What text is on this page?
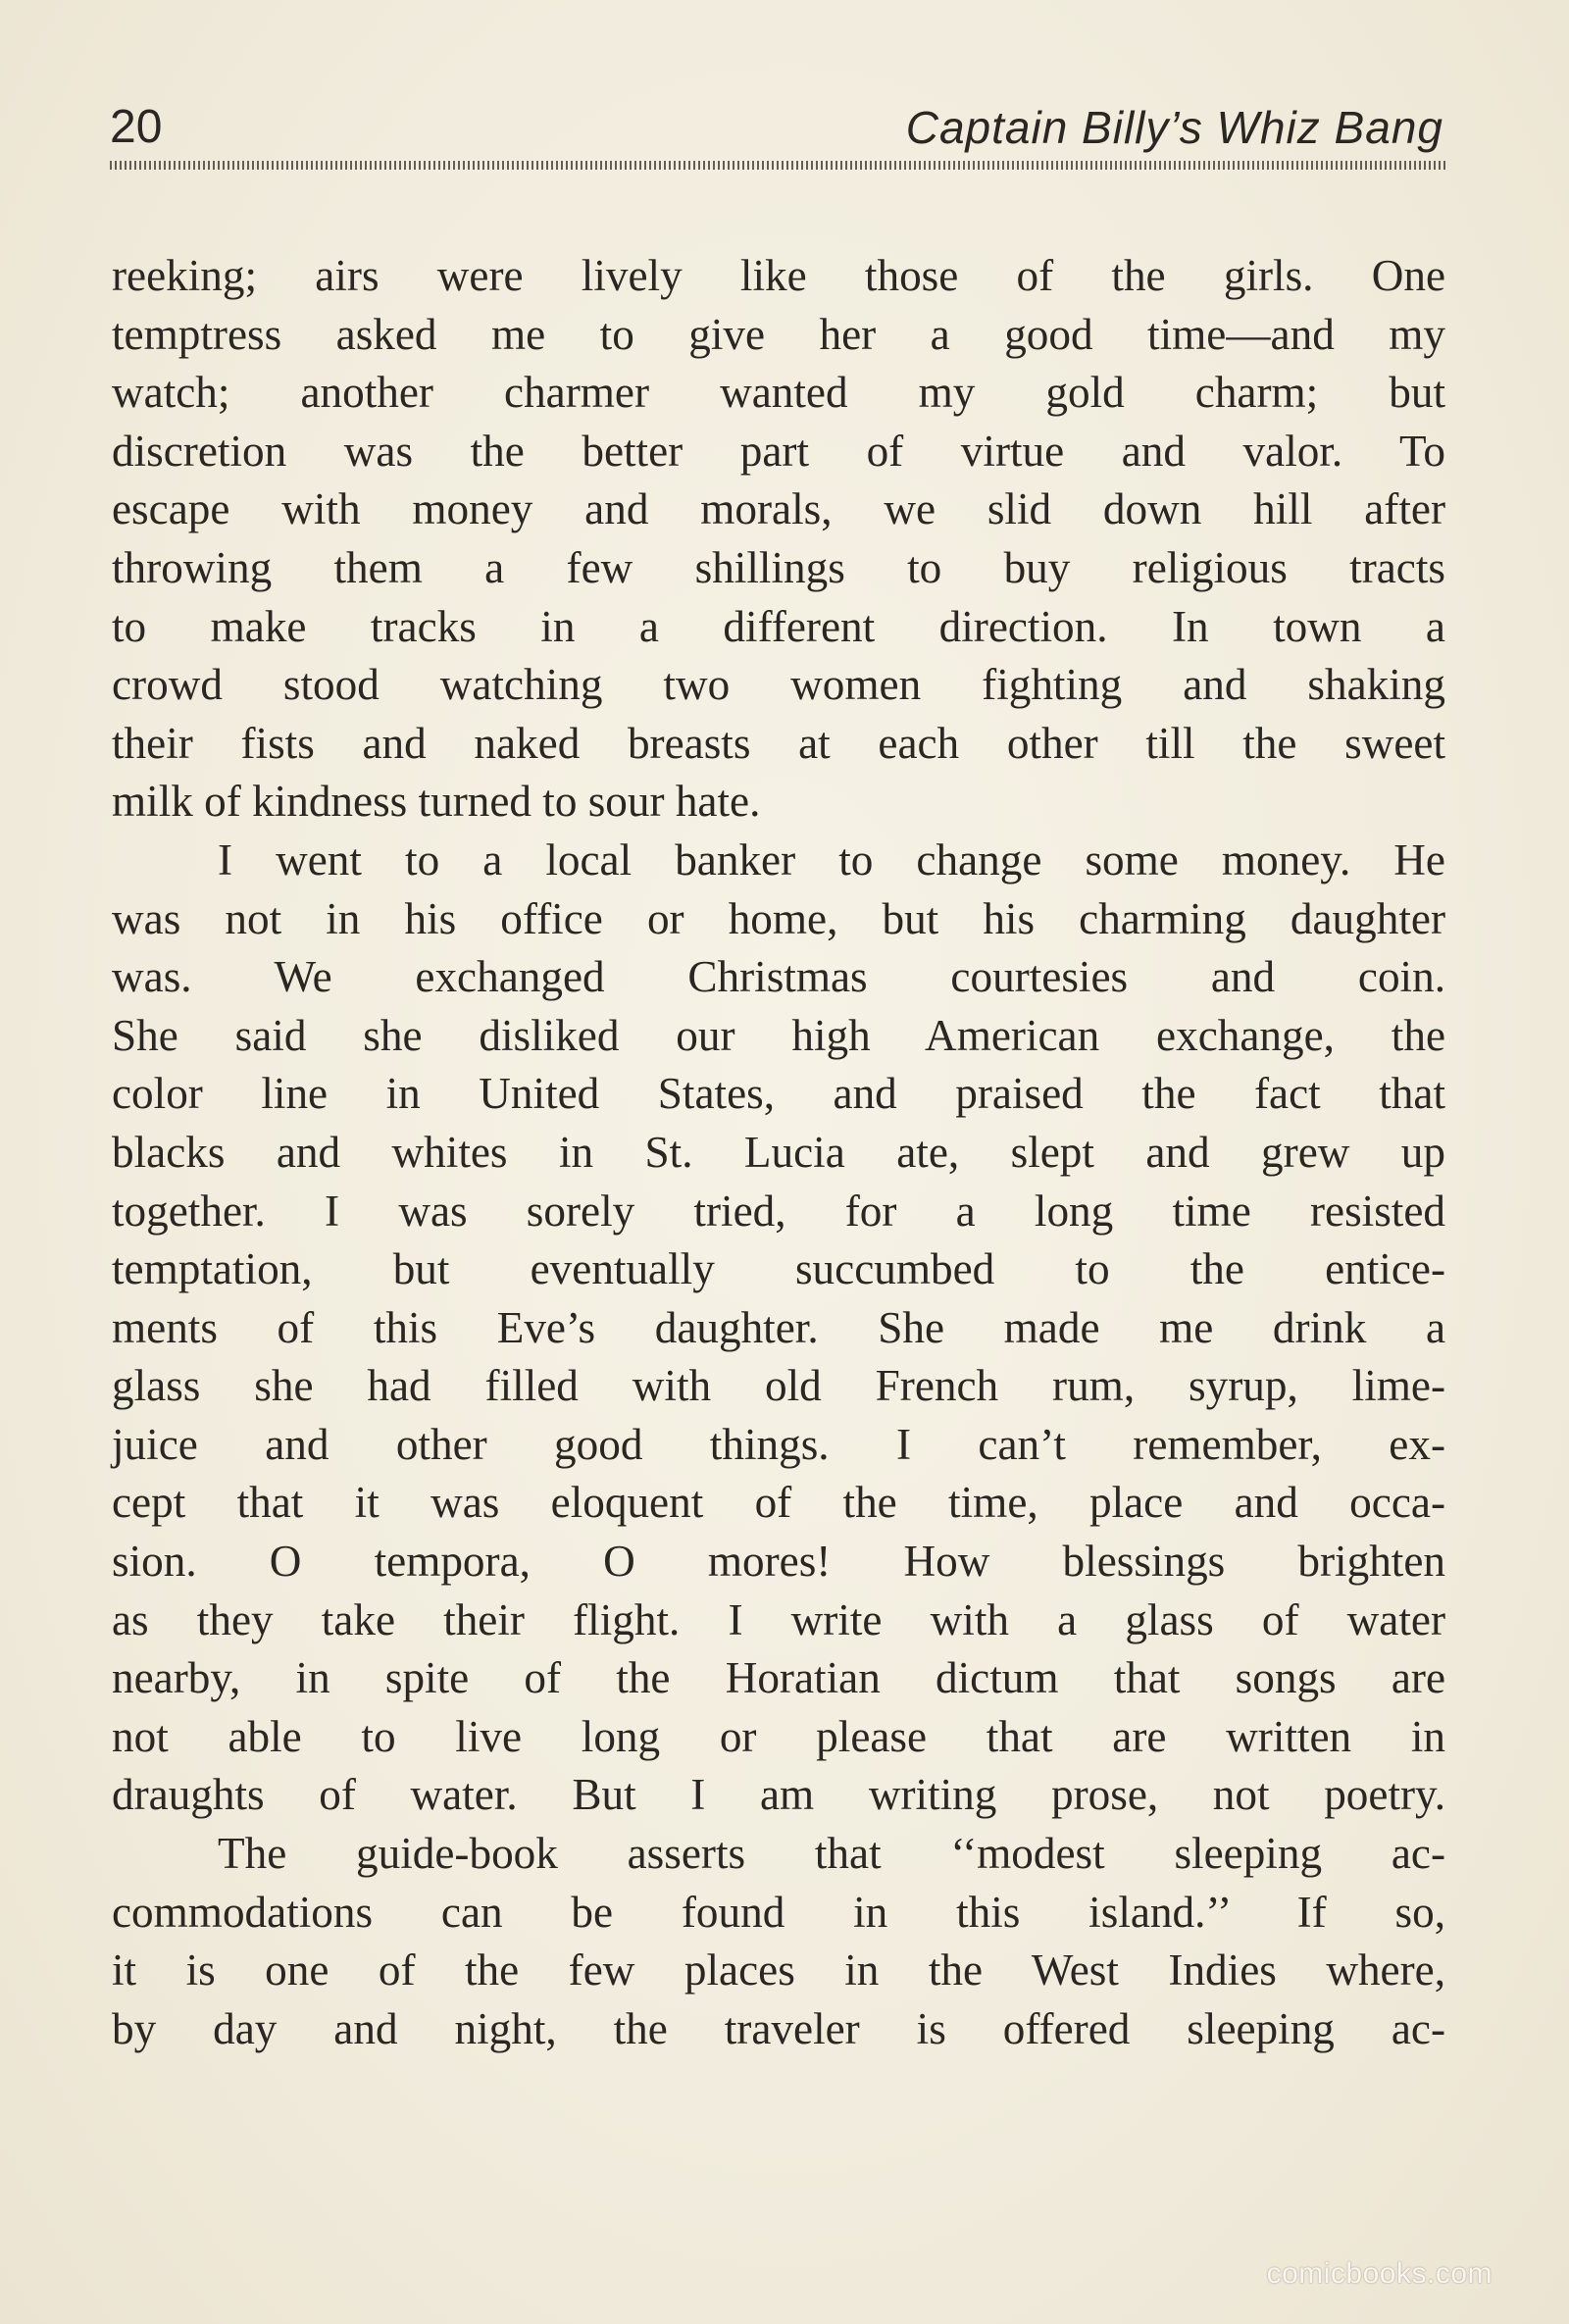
20	Captain Billy’s Whiz Bang

reeking; airs were lively like those of the girls. One
temptress asked me to give her a good time—and my
watch; another charmer wanted my gold charm; but
discretion was the better part of virtue and valor. To
escape with money and morals, we slid down hill after
throwing them a few shillings to buy religious tracts
to make tracks in a different direction. In town a
crowd stood watching two women fighting and shaking
their fists and naked breasts at each other till the sweet
milk of kindness turned to sour hate.

I went to a local banker to change some money. He
was not in his office or home, but his charming daughter
was. We exchanged Christmas courtesies and coin.
She said she disliked our high American exchange, the
color line in United States, and praised the fact that
blacks and whites in St. Lucia ate, slept and grew up
together. I was sorely tried, for a long time resisted
temptation, but eventually succumbed to the entice-
ments of this Eve’s daughter. She made me drink a
glass she had filled with old French rum, syrup, lime-
juice and other good things. I can’t remember, ex-
cept that it was eloquent of the time, place and occa-
sion. O tempora, O mores! How blessings brighten
as they take their flight. I write with a glass of water
nearby, in spite of the Horatian dictum that songs are
not able to live long or please that are written in
draughts of water. But I am writing prose, not poetry.

The guide-book asserts that ‘‘modest sleeping ac-
commodations can be found in this island.’’ If so,
it is one of the few places in the West Indies where,
by day and night, the traveler is offered sleeping ac-

comicbooks.com
